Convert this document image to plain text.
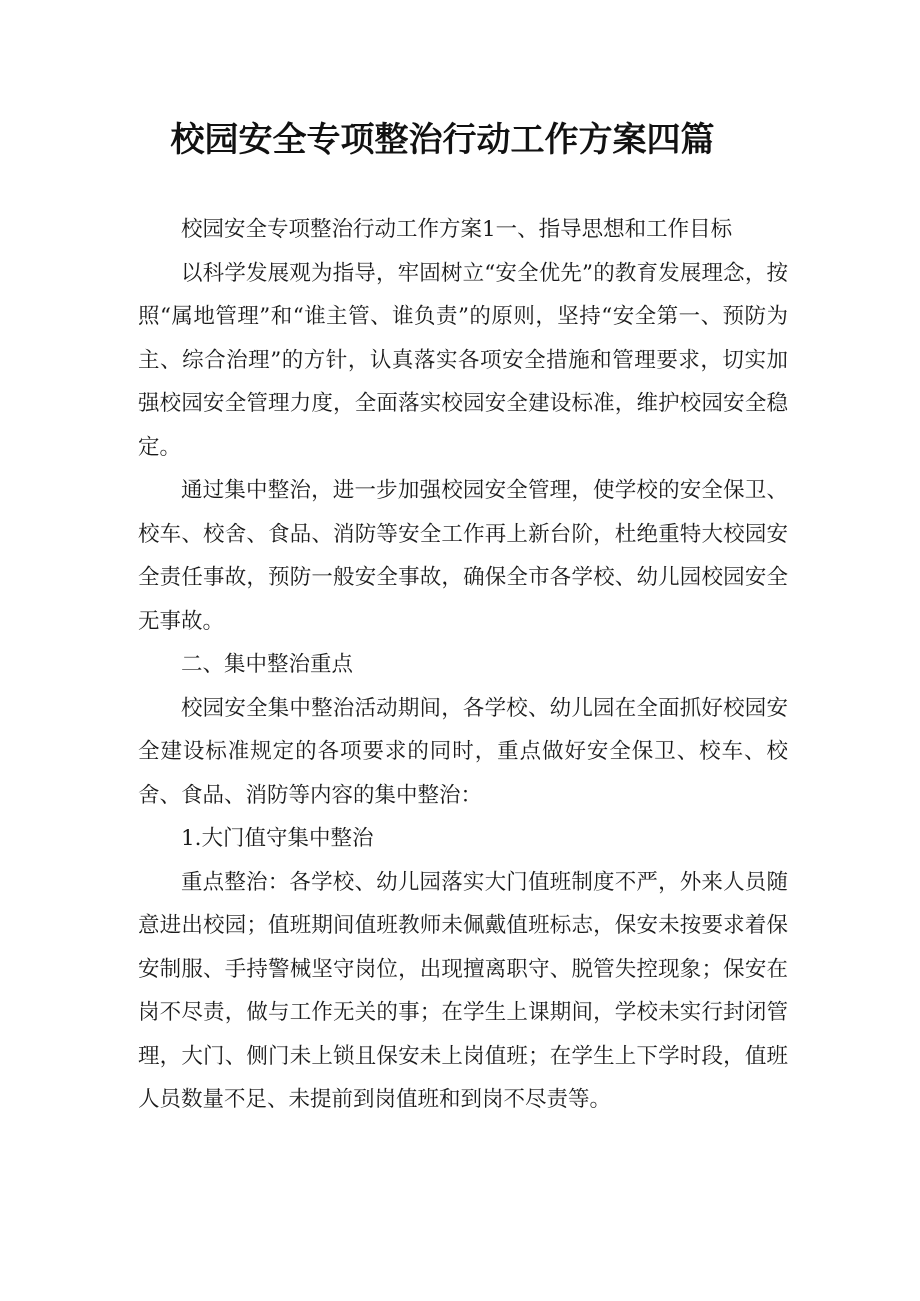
校园安全专项整治行动工作方案四篇

校园安全专项整治行动工作方案1一、指导思想和工作目标

以科学发展观为指导，牢固树立“安全优先”的教育发展理念，按照“属地管理”和“谁主管、谁负责”的原则，坚持“安全第一、预防为主、综合治理”的方针，认真落实各项安全措施和管理要求，切实加强校园安全管理力度，全面落实校园安全建设标准，维护校园安全稳定。

通过集中整治，进一步加强校园安全管理，使学校的安全保卫、校车、校舍、食品、消防等安全工作再上新台阶，杜绝重特大校园安全责任事故，预防一般安全事故，确保全市各学校、幼儿园校园安全无事故。

二、集中整治重点

校园安全集中整治活动期间，各学校、幼儿园在全面抓好校园安全建设标准规定的各项要求的同时，重点做好安全保卫、校车、校舍、食品、消防等内容的集中整治：

1.大门值守集中整治

重点整治：各学校、幼儿园落实大门值班制度不严，外来人员随意进出校园；值班期间值班教师未佩戴值班标志，保安未按要求着保安制服、手持警械坚守岗位，出现擅离职守、脱管失控现象；保安在岗不尽责，做与工作无关的事；在学生上课期间，学校未实行封闭管理，大门、侧门未上锁且保安未上岗值班；在学生上下学时段，值班人员数量不足、未提前到岗值班和到岗不尽责等。
